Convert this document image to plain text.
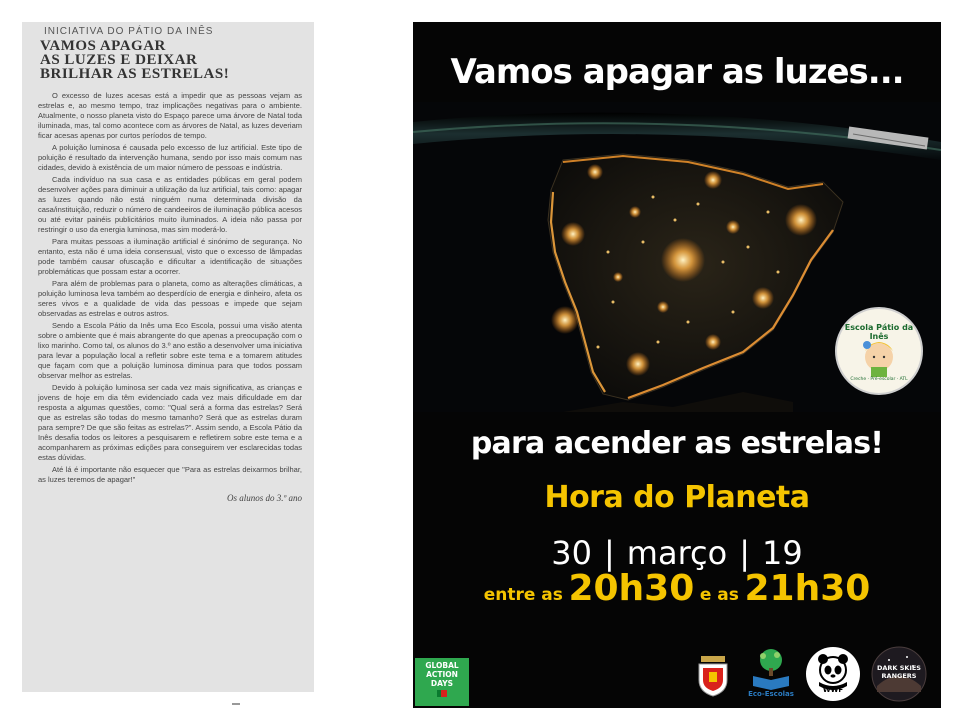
INICIATIVA DO PÁTIO DA INÊS
VAMOS APAGAR
AS LUZES E DEIXAR
BRILHAR AS ESTRELAS!

O excesso de luzes acesas está a impedir que as pessoas vejam as estrelas e, ao mesmo tempo, traz implicações negativas para o ambiente. Atualmente, o nosso planeta visto do Espaço parece uma árvore de Natal toda iluminada, mas, tal como acontece com as árvores de Natal, as luzes deveriam ficar acesas apenas por curtos períodos de tempo.

A poluição luminosa é causada pelo excesso de luz artificial. Este tipo de poluição é resultado da intervenção humana, sendo por isso mais comum nas cidades, devido à existência de um maior número de pessoas e indústria.

Cada indivíduo na sua casa e as entidades públicas em geral podem desenvolver ações para diminuir a utilização da luz artificial, tais como: apagar as luzes quando não está ninguém numa determinada divisão da casa/instituição, reduzir o número de candeeiros de iluminação pública acesos ou até evitar painéis publicitários muito iluminados. A ideia não passa por restringir o uso da energia luminosa, mas sim moderá-lo.

Para muitas pessoas a iluminação artificial é sinónimo de segurança. No entanto, esta não é uma ideia consensual, visto que o excesso de lâmpadas pode também causar ofuscação e dificultar a identificação de situações problemáticas que possam estar a ocorrer.

Para além de problemas para o planeta, como as alterações climáticas, a poluição luminosa leva também ao desperdício de energia e dinheiro, afeta os seres vivos e a qualidade de vida das pessoas e impede que sejam observadas as estrelas e outros astros.

Sendo a Escola Pátio da Inês uma Eco Escola, possui uma visão atenta sobre o ambiente que é mais abrangente do que apenas a preocupação com o lixo marinho. Como tal, os alunos do 3.º ano estão a desenvolver uma iniciativa para levar a população local a refletir sobre este tema e a tomarem atitudes que façam com que a poluição luminosa diminua para que todos possam observar melhor as estrelas.

Devido à poluição luminosa ser cada vez mais significativa, as crianças e jovens de hoje em dia têm evidenciado cada vez mais dificuldade em dar resposta a algumas questões, como: "Qual será a forma das estrelas? Será que as estrelas são todas do mesmo tamanho? Será que as estrelas duram para sempre? De que são feitas as estrelas?". Assim sendo, a Escola Pátio da Inês desafia todos os leitores a pesquisarem e refletirem sobre este tema e a acompanharem as próximas edições para conseguirem ver esclarecidas todas estas dúvidas.

Até lá é importante não esquecer que "Para as estrelas deixarmos brilhar, as luzes teremos de apagar!"

Os alunos do 3.º ano
Vamos apagar as luzes...
Escola Pátio da Inês
Creche · Pré-escolar · ATL
para acender as estrelas!
Hora do Planeta
30 | março | 19
entre as 20h30 e as 21h30
GLOBAL
ACTION
DAYS
Eco-Escolas	WWF
DARK SKIES RANGERS
